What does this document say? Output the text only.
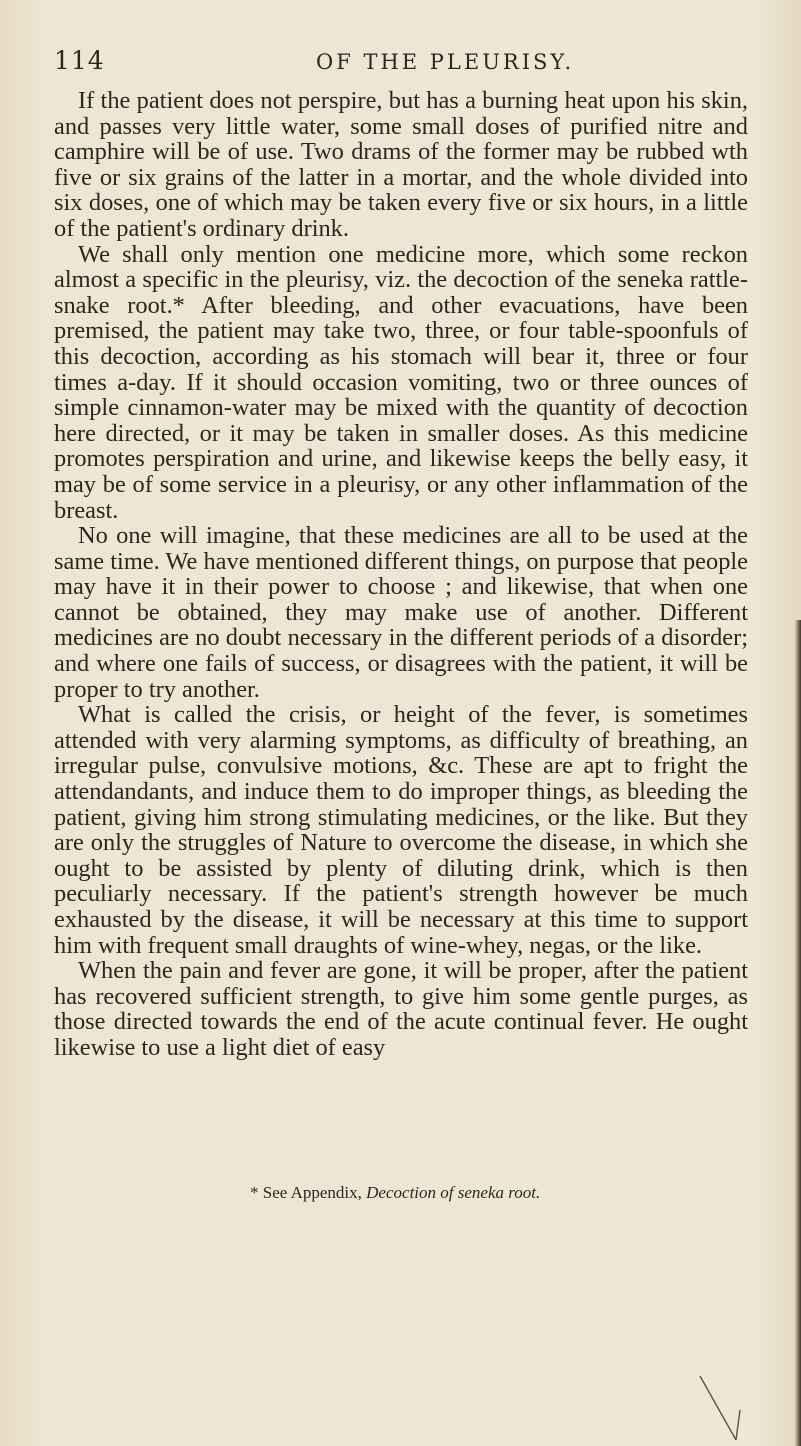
114	OF THE PLEURISY.

If the patient does not perspire, but has a burning heat upon his skin, and passes very little water, some small doses of purified nitre and camphire will be of use. Two drams of the former may be rubbed wth five or six grains of the latter in a mortar, and the whole divided into six doses, one of which may be taken every five or six hours, in a little of the patient's ordinary drink.

We shall only mention one medicine more, which some reckon almost a specific in the pleurisy, viz. the decoction of the seneka rattle-snake root.* After bleeding, and other evacuations, have been premised, the patient may take two, three, or four table-spoonfuls of this decoction, according as his stomach will bear it, three or four times a-day. If it should occasion vomiting, two or three ounces of simple cinnamon-water may be mixed with the quantity of decoction here directed, or it may be taken in smaller doses. As this medicine promotes perspiration and urine, and likewise keeps the belly easy, it may be of some service in a pleurisy, or any other inflammation of the breast.

No one will imagine, that these medicines are all to be used at the same time. We have mentioned different things, on purpose that people may have it in their power to choose ; and likewise, that when one cannot be obtained, they may make use of another. Different medicines are no doubt necessary in the different periods of a disorder; and where one fails of success, or disagrees with the patient, it will be proper to try another.

What is called the crisis, or height of the fever, is sometimes attended with very alarming symptoms, as difficulty of breathing, an irregular pulse, convulsive motions, &c. These are apt to fright the attendandants, and induce them to do improper things, as bleeding the patient, giving him strong stimulating medicines, or the like. But they are only the struggles of Nature to overcome the disease, in which she ought to be assisted by plenty of diluting drink, which is then peculiarly necessary. If the patient's strength however be much exhausted by the disease, it will be necessary at this time to support him with frequent small draughts of wine-whey, negas, or the like.

When the pain and fever are gone, it will be proper, after the patient has recovered sufficient strength, to give him some gentle purges, as those directed towards the end of the acute continual fever. He ought likewise to use a light diet of easy

* See Appendix, Decoction of seneka root.
